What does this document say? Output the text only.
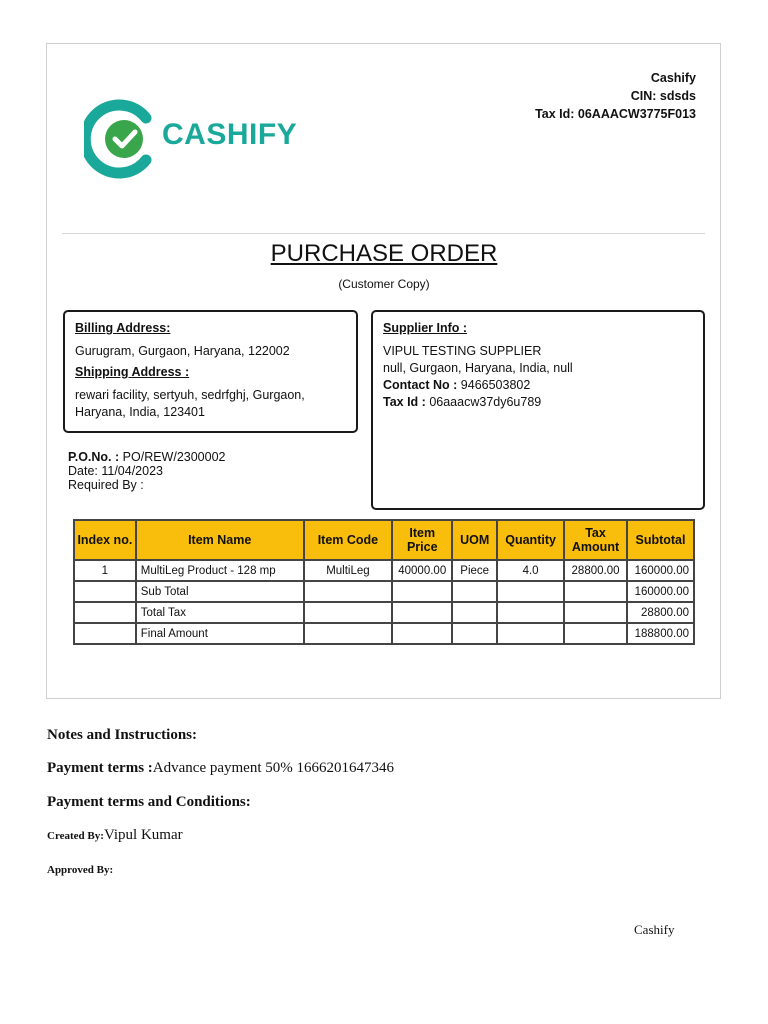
CASHIFY
Cashify
CIN: sdsds
Tax Id: 06AAACW3775F013
PURCHASE ORDER
(Customer Copy)
Billing Address:
Gurugram, Gurgaon, Haryana, 122002
Shipping Address :
rewari facility, sertyuh, sedrfghj, Gurgaon, Haryana, India, 123401
Supplier Info :
VIPUL TESTING SUPPLIER
null, Gurgaon, Haryana, India, null
Contact No : 9466503802
Tax Id : 06aaacw37dy6u789
P.O.No. : PO/REW/2300002
Date: 11/04/2023
Required By :
Index no.	Item Name	Item Code	Item Price	UOM	Quantity	Tax Amount	Subtotal
1	MultiLeg Product - 128 mp	MultiLeg	40000.00	Piece	4.0	28800.00	160000.00
	Sub Total						160000.00
	Total Tax						28800.00
	Final Amount						188800.00
Notes and Instructions:
Payment terms :Advance payment 50% 1666201647346
Payment terms and Conditions:
Created By:Vipul Kumar
Approved By:
Cashify
